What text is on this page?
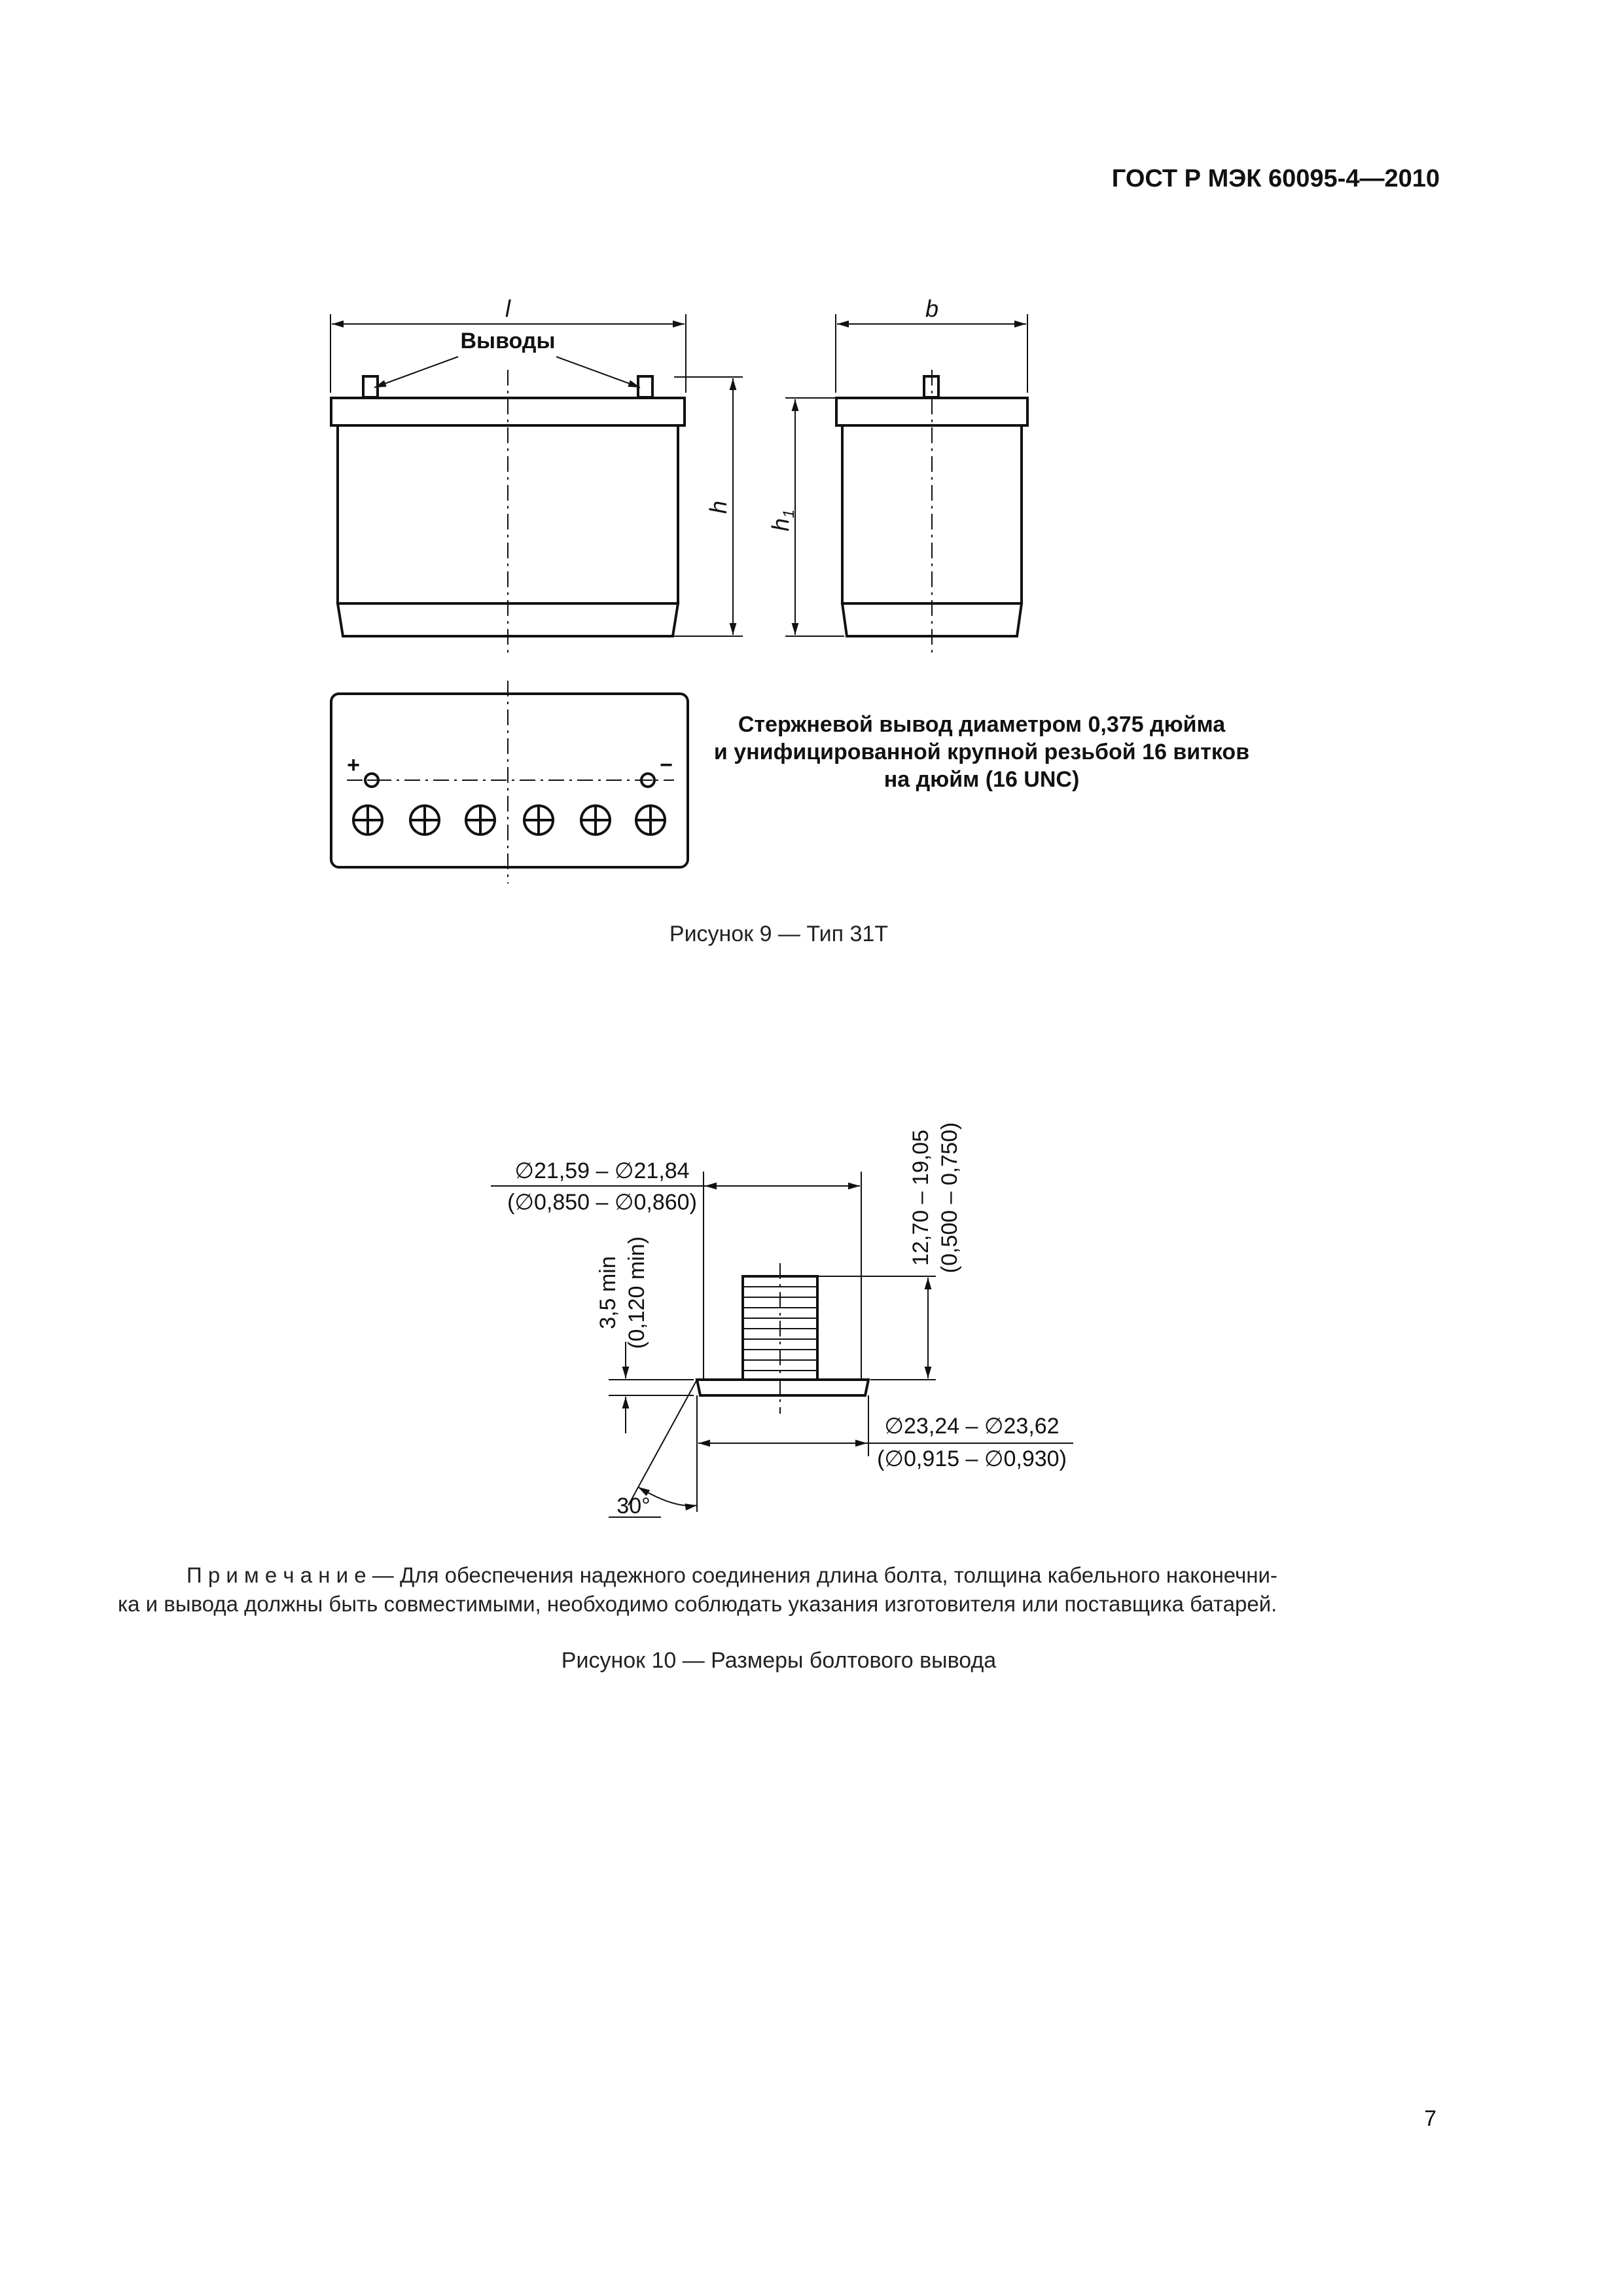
ГОСТ Р МЭК 60095-4—2010
l
Выводы
h
b
$h_1$
+	−
Стержневой вывод диаметром 0,375 дюйма
и унифицированной крупной резьбой 16 витков
на дюйм (16 UNC)
Рисунок 9 — Тип 31Т
∅21,59 – ∅21,84
(∅0,850 – ∅0,860)	12,70 – 19,05 (0,500 – 0,750)
3,5 min (0,120 min)
∅23,24 – ∅23,62
(∅0,915 – ∅0,930)
30°
П р и м е ч а н и е — Для обеспечения надежного соединения длина болта, толщина кабельного наконечни-
ка и вывода должны быть совместимыми, необходимо соблюдать указания изготовителя или поставщика батарей.
Рисунок 10 — Размеры болтового вывода
7
